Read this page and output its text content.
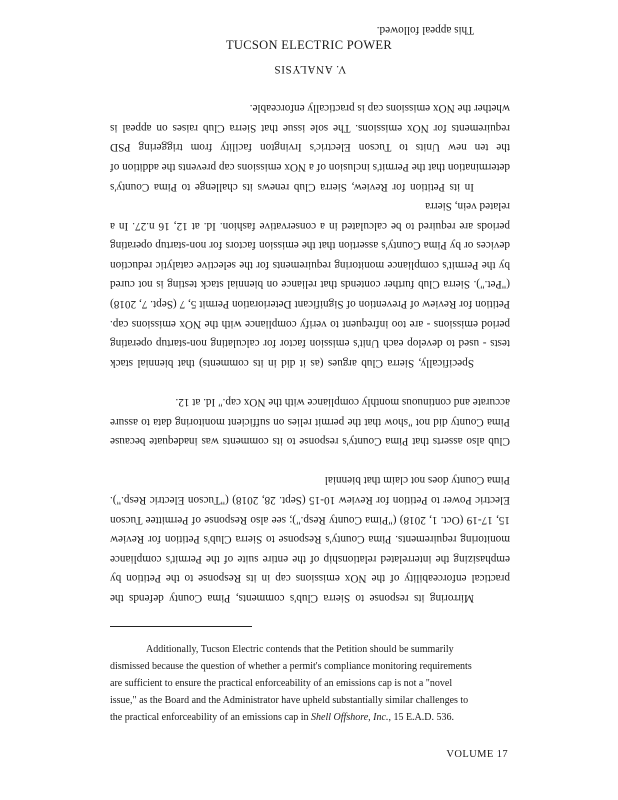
TUCSON ELECTRIC POWER

Mirroring its response to Sierra Club's comments, Pima County defends the practical enforceability of the NOx emissions cap in its Response to the Petition by emphasizing the interrelated relationship of the entire suite of the Permit's compliance monitoring requirements. Pima County's Response to Sierra Club's Petition for Review 15, 17-19 (Oct. 1, 2018) ("Pima County Resp."); see also Response of Permittee Tucson Electric Power to Petition for Review 10-15 (Sept. 28, 2018) ("Tucson Electric Resp."). Pima County does not claim that biennial

Club also asserts that Pima County's response to its comments was inadequate because Pima County did not "show that the permit relies on sufficient monitoring data to assure accurate and continuous monthly compliance with the NOx cap." Id. at 12.

Specifically, Sierra Club argues (as it did in its comments) that biennial stack tests - used to develop each Unit's emission factor for calculating non-startup operating period emissions - are too infrequent to verify compliance with the NOx emissions cap. Petition for Review of Prevention of Significant Deterioration Permit 5, 7 (Sept. 7, 2018) ("Pet."). Sierra Club further contends that reliance on biennial stack testing is not cured by the Permit's compliance monitoring requirements for the selective catalytic reduction devices or by Pima County's assertion that the emission factors for non-startup operating periods are required to be calculated in a conservative fashion. Id. at 12, 16 n.27. In a related vein, Sierra

In its Petition for Review, Sierra Club renews its challenge to Pima County's determination that the Permit's inclusion of a NOx emissions cap prevents the addition of the ten new Units to Tucson Electric's Irvington facility from triggering PSD requirements for NOx emissions. The sole issue that Sierra Club raises on appeal is whether the NOx emissions cap is practically enforceable.

V. ANALYSIS

This appeal followed.

Additionally, Tucson Electric contends that the Petition should be summarily

dismissed because the question of whether a permit's compliance monitoring requirements

are sufficient to ensure the practical enforceability of an emissions cap is not a "novel

issue," as the Board and the Administrator have upheld substantially similar challenges to

the practical enforceability of an emissions cap in Shell Offshore, Inc., 15 E.A.D. 536.

VOLUME 17
